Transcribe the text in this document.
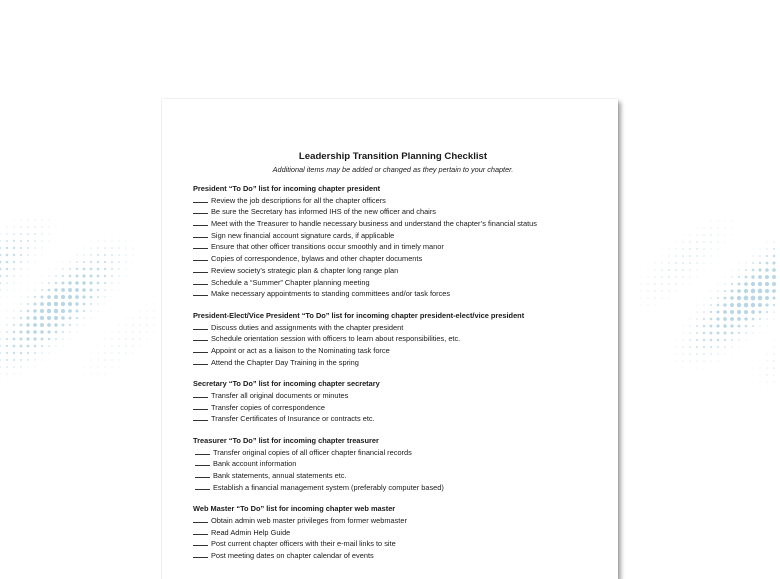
Leadership Transition Planning Checklist

Additional items may be added or changed as they pertain to your chapter.

President “To Do” list for incoming chapter president

Review the job descriptions for all the chapter officers

Be sure the Secretary has informed IHS of the new officer and chairs

Meet with the Treasurer to handle necessary business and understand the chapter’s financial status

Sign new financial account signature cards, if applicable

Ensure that other officer transitions occur smoothly and in timely manor

Copies of correspondence, bylaws and other chapter documents

Review society’s strategic plan & chapter long range plan

Schedule a “Summer” Chapter planning meeting

Make necessary appointments to standing committees and/or task forces

President-Elect/Vice President “To Do” list for incoming chapter president-elect/vice president

Discuss duties and assignments with the chapter president

Schedule orientation session with officers to learn about responsibilities, etc.

Appoint or act as a liaison to the Nominating task force

Attend the Chapter Day Training in the spring

Secretary “To Do” list for incoming chapter secretary

Transfer all original documents or minutes

Transfer copies of correspondence

Transfer Certificates of Insurance or contracts etc.

Treasurer “To Do” list for incoming chapter treasurer

Transfer original copies of all officer chapter financial records

Bank account information

Bank statements, annual statements etc.

Establish a financial management system (preferably computer based)

Web Master “To Do” list for incoming chapter web master

Obtain admin web master privileges from former webmaster

Read Admin Help Guide

Post current chapter officers with their e-mail links to site

Post meeting dates on chapter calendar of events
